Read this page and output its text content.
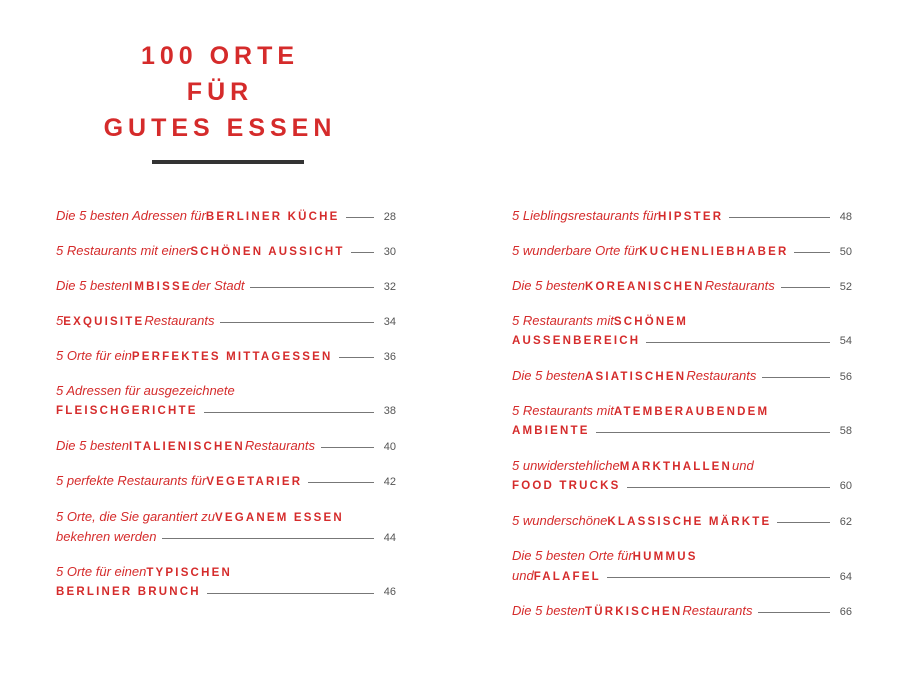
100 ORTE
FÜR
GUTES ESSEN
Die 5 besten Adressen für BERLINER KÜCHE	28
5 Restaurants mit einer SCHÖNEN AUSSICHT	30
Die 5 besten IMBISSE der Stadt	32
5 EXQUISITE Restaurants	34
5 Orte für ein PERFEKTES MITTAGESSEN	36
5 Adressen für ausgezeichnete
FLEISCHGERICHTE	38
Die 5 besten ITALIENISCHEN Restaurants	40
5 perfekte Restaurants für VEGETARIER	42
5 Orte, die Sie garantiert zu VEGANEM ESSEN
bekehren werden	44
5 Orte für einen TYPISCHEN
BERLINER BRUNCH	46
5 Lieblingsrestaurants für HIPSTER	48
5 wunderbare Orte für KUCHENLIEBHABER	50
Die 5 besten KOREANISCHEN Restaurants	52
5 Restaurants mit SCHÖNEM
AUSSENBEREICH	54
Die 5 besten ASIATISCHEN Restaurants	56
5 Restaurants mit ATEMBERAUBENDEM
AMBIENTE	58
5 unwiderstehliche MARKTHALLEN und
FOOD TRUCKS	60
5 wunderschöne KLASSISCHE MÄRKTE	62
Die 5 besten Orte für HUMMUS
und FALAFEL	64
Die 5 besten TÜRKISCHEN Restaurants	66
